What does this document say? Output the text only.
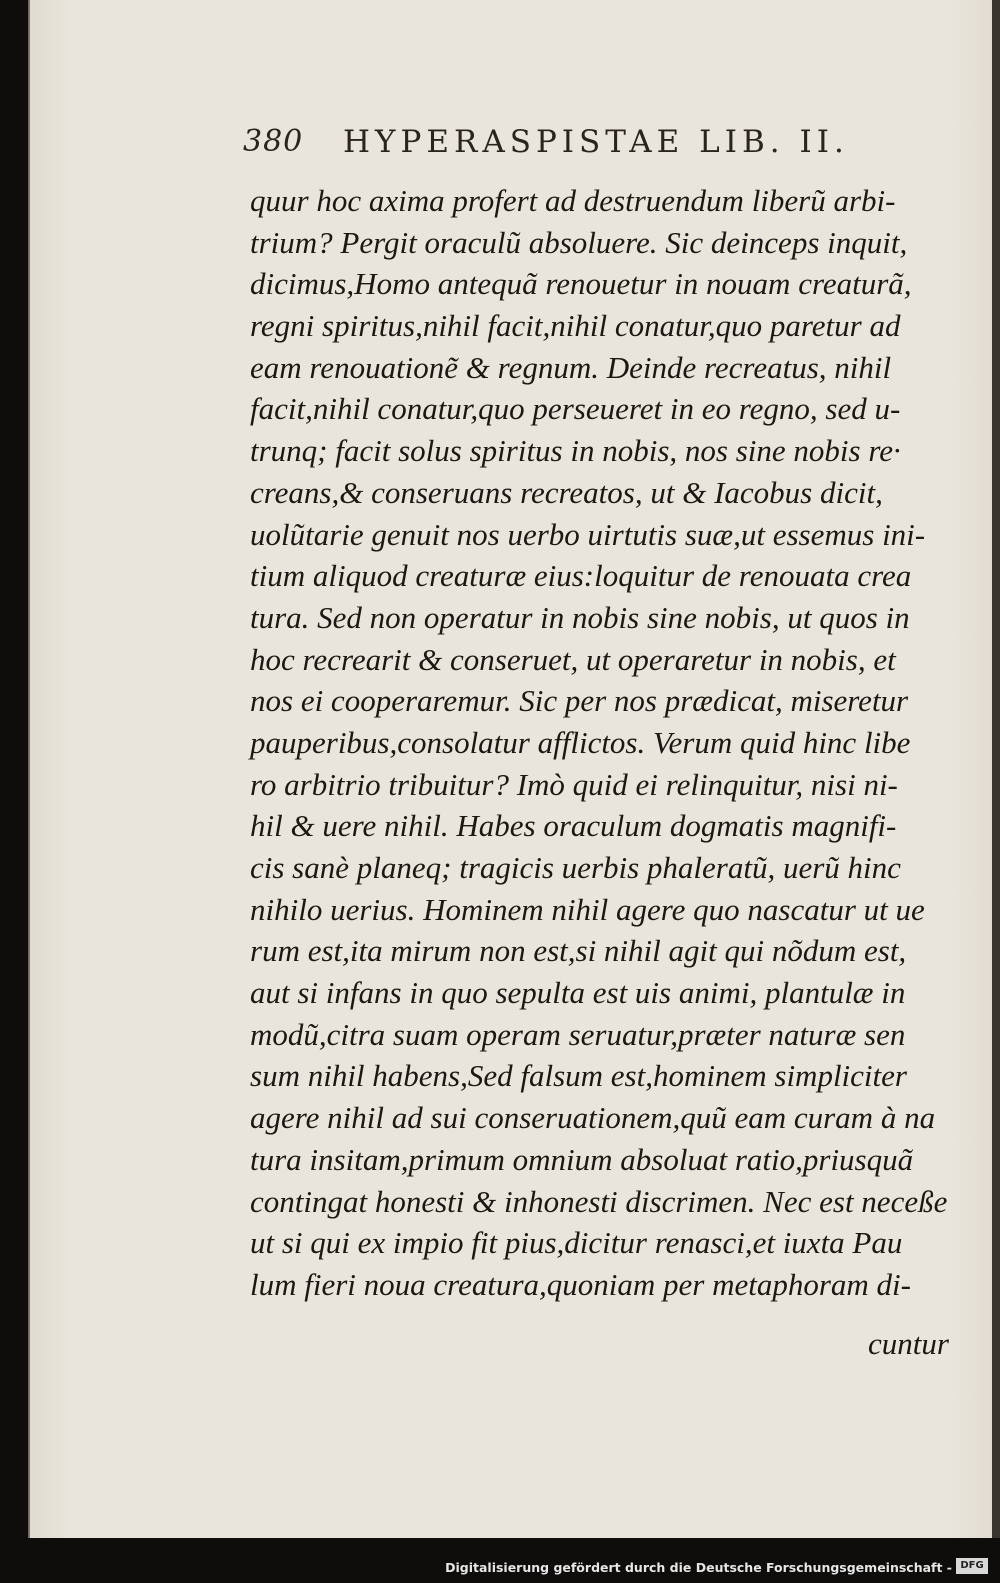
380 HYPERASPISTAE LIB. II.
quur hoc axima profert ad destruendum liberũ arbi-
trium? Pergit oraculũ absoluere. Sic deinceps inquit,
dicimus,Homo antequã renouetur in nouam creaturã,
regni spiritus,nihil facit,nihil conatur,quo paretur ad
eam renouatione͂ & regnum. Deinde recreatus, nihil
facit,nihil conatur,quo perseueret in eo regno, sed u-
trunq; facit solus spiritus in nobis, nos sine nobis re·
creans,& conseruans recreatos, ut & Iacobus dicit,
uolũtarie genuit nos uerbo uirtutis suæ,ut essemus ini-
tium aliquod creaturæ eius:loquitur de renouata crea
tura. Sed non operatur in nobis sine nobis, ut quos in
hoc recrearit & conseruet, ut operaretur in nobis, et
nos ei cooperaremur. Sic per nos prædicat, miseretur
pauperibus,consolatur afflictos. Verum quid hinc libe
ro arbitrio tribuitur? Imò quid ei relinquitur, nisi ni-
hil & uere nihil. Habes oraculum dogmatis magnifi-
cis sanè planeq; tragicis uerbis phaleratũ, uerũ hinc
nihilo uerius. Hominem nihil agere quo nascatur ut ue
rum est,ita mirum non est,si nihil agit qui nõdum est,
aut si infans in quo sepulta est uis animi, plantulæ in
modũ,citra suam operam seruatur,præter naturæ sen
sum nihil habens,Sed falsum est,hominem simpliciter
agere nihil ad sui conseruationem,quũ eam curam à na
tura insitam,primum omnium absoluat ratio,priusquã
contingat honesti & inhonesti discrimen. Nec est neceße
ut si qui ex impio fit pius,dicitur renasci,et iuxta Pau
lum fieri noua creatura,quoniam per metaphoram di-
cuntur
Digitalisierung gefördert durch die Deutsche Forschungsgemeinschaft - DFG
